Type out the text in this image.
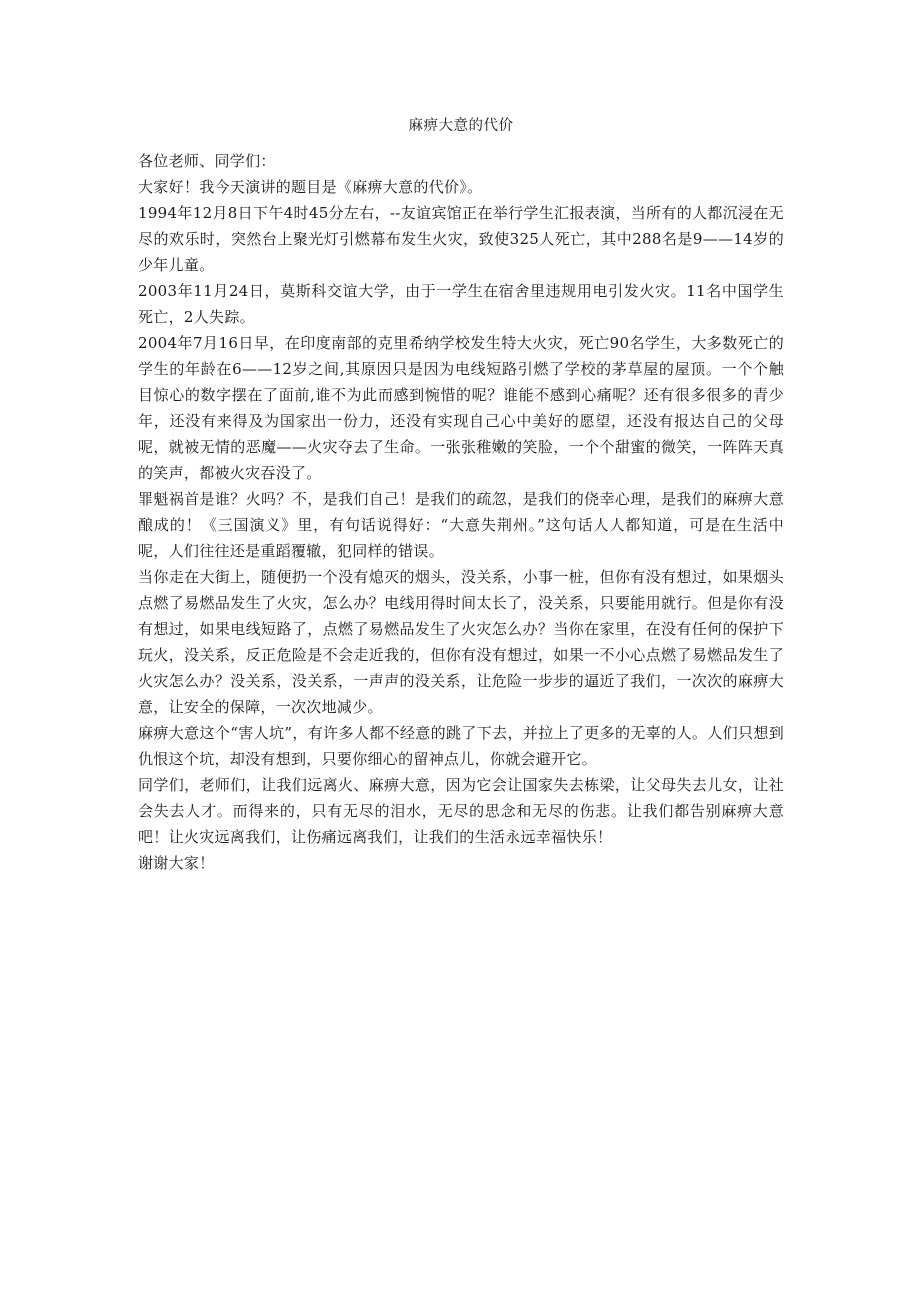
麻痹大意的代价

各位老师、同学们：

大家好！我今天演讲的题目是《麻痹大意的代价》。

1994年12月8日下午4时45分左右，--友谊宾馆正在举行学生汇报表演，当所有的人都沉浸在无尽的欢乐时，突然台上聚光灯引燃幕布发生火灾，致使325人死亡，其中288名是9——14岁的少年儿童。

2003年11月24日，莫斯科交谊大学，由于一学生在宿舍里违规用电引发火灾。11名中国学生死亡，2人失踪。

2004年7月16日早，在印度南部的克里希纳学校发生特大火灾，死亡90名学生，大多数死亡的学生的年龄在6——12岁之间,其原因只是因为电线短路引燃了学校的茅草屋的屋顶。一个个触目惊心的数字摆在了面前,谁不为此而感到惋惜的呢？谁能不感到心痛呢？还有很多很多的青少年，还没有来得及为国家出一份力，还没有实现自己心中美好的愿望，还没有报达自己的父母呢，就被无情的恶魔——火灾夺去了生命。一张张稚嫩的笑脸，一个个甜蜜的微笑，一阵阵天真的笑声，都被火灾吞没了。

罪魁祸首是谁？火吗？不，是我们自己！是我们的疏忽，是我们的侥幸心理，是我们的麻痹大意酿成的！《三国演义》里，有句话说得好：“大意失荆州。”这句话人人都知道，可是在生活中呢，人们往往还是重蹈覆辙，犯同样的错误。

当你走在大街上，随便扔一个没有熄灭的烟头，没关系，小事一桩，但你有没有想过，如果烟头点燃了易燃品发生了火灾，怎么办？电线用得时间太长了，没关系，只要能用就行。但是你有没有想过，如果电线短路了，点燃了易燃品发生了火灾怎么办？当你在家里，在没有任何的保护下玩火，没关系，反正危险是不会走近我的，但你有没有想过，如果一不小心点燃了易燃品发生了火灾怎么办？没关系，没关系，一声声的没关系，让危险一步步的逼近了我们，一次次的麻痹大意，让安全的保障，一次次地减少。

麻痹大意这个“害人坑”，有许多人都不经意的跳了下去，并拉上了更多的无辜的人。人们只想到仇恨这个坑，却没有想到，只要你细心的留神点儿，你就会避开它。

同学们，老师们，让我们远离火、麻痹大意，因为它会让国家失去栋梁，让父母失去儿女，让社会失去人才。而得来的，只有无尽的泪水，无尽的思念和无尽的伤悲。让我们都告别麻痹大意吧！让火灾远离我们，让伤痛远离我们，让我们的生活永远幸福快乐！

谢谢大家！
